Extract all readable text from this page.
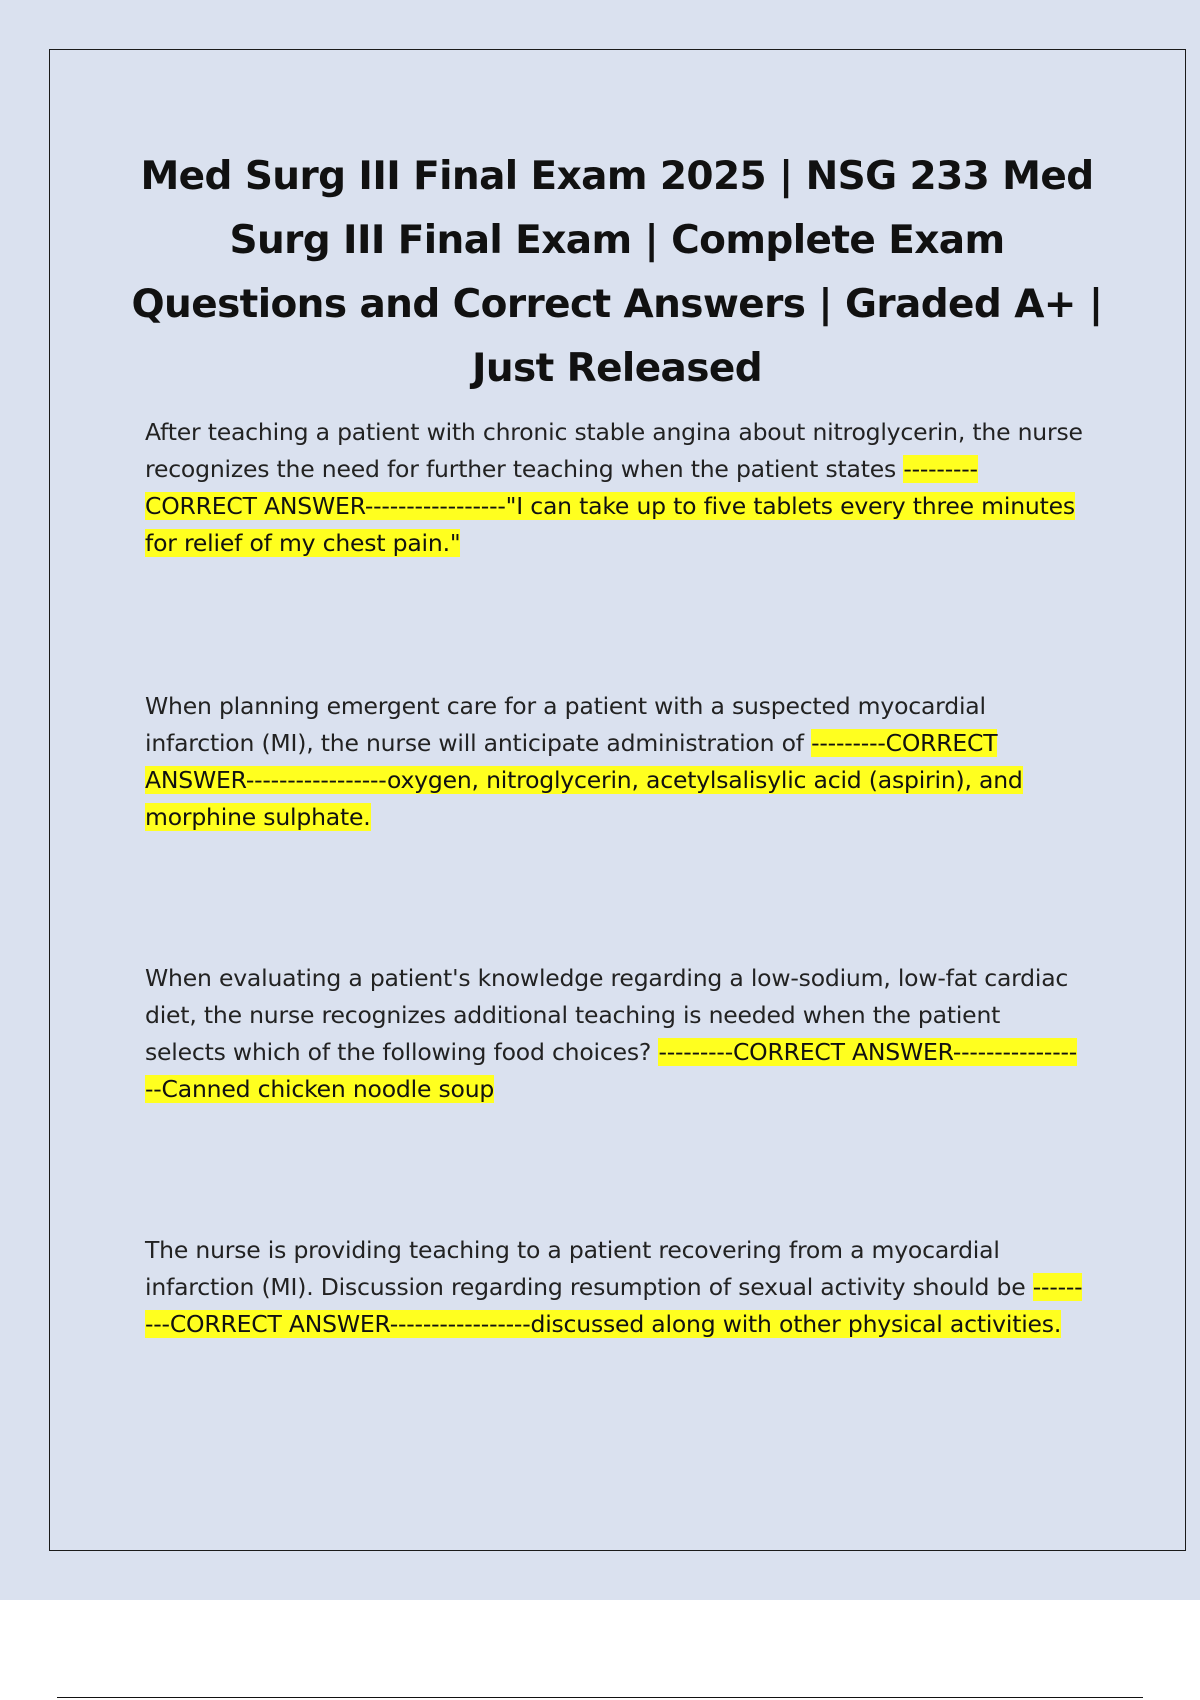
Med Surg III Final Exam 2025 | NSG 233 Med Surg III Final Exam | Complete Exam Questions and Correct Answers | Graded A+ | Just Released

After teaching a patient with chronic stable angina about nitroglycerin, the nurse recognizes the need for further teaching when the patient states ---------CORRECT ANSWER-----------------"I can take up to five tablets every three minutes for relief of my chest pain."

When planning emergent care for a patient with a suspected myocardial infarction (MI), the nurse will anticipate administration of ---------CORRECT ANSWER-----------------oxygen, nitroglycerin, acetylsalisylic acid (aspirin), and morphine sulphate.

When evaluating a patient's knowledge regarding a low-sodium, low-fat cardiac diet, the nurse recognizes additional teaching is needed when the patient selects which of the following food choices? ---------CORRECT ANSWER-----------------Canned chicken noodle soup

The nurse is providing teaching to a patient recovering from a myocardial infarction (MI). Discussion regarding resumption of sexual activity should be ---------CORRECT ANSWER-----------------discussed along with other physical activities.
